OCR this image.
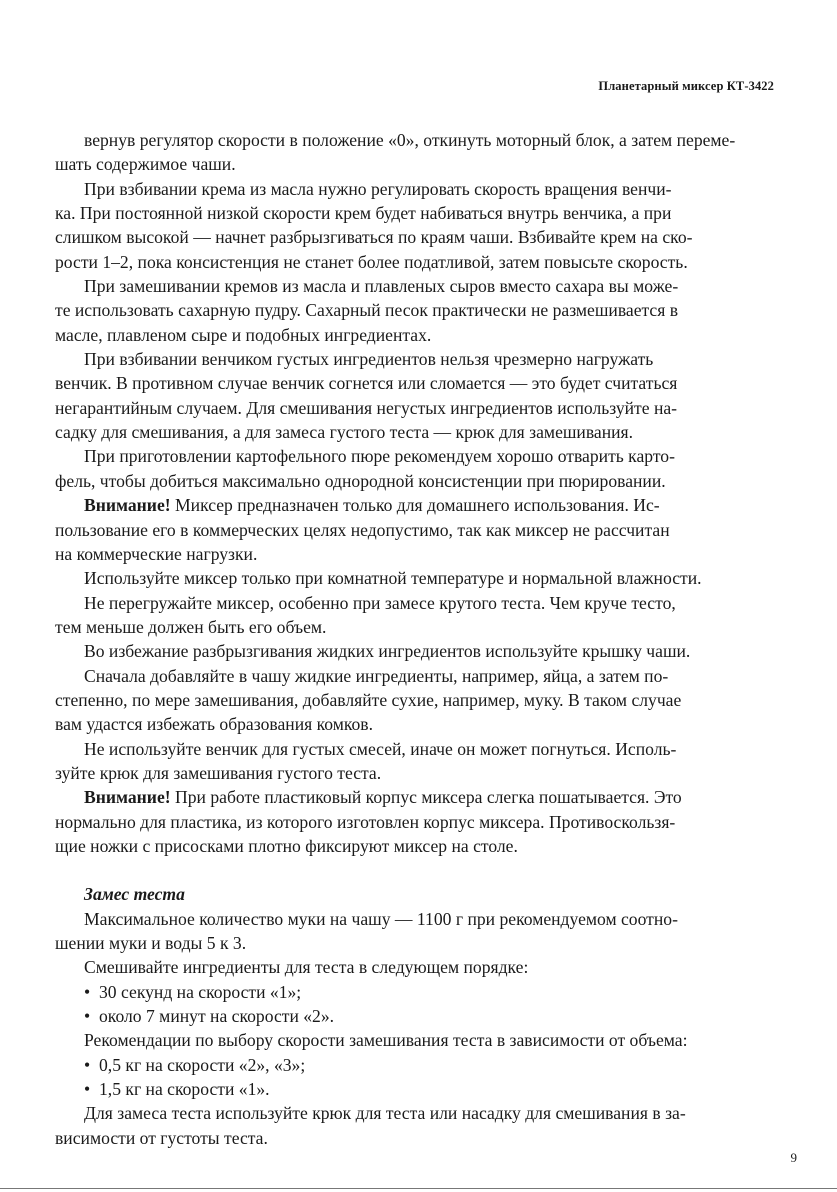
Планетарный миксер КТ-3422

вернув регулятор скорости в положение «0», откинуть моторный блок, а затем переме-
шать содержимое чаши.

При взбивании крема из масла нужно регулировать скорость вращения венчи-
ка. При постоянной низкой скорости крем будет набиваться внутрь венчика, а при
слишком высокой — начнет разбрызгиваться по краям чаши. Взбивайте крем на ско-
рости 1–2, пока консистенция не станет более податливой, затем повысьте скорость.

При замешивании кремов из масла и плавленых сыров вместо сахара вы може-
те использовать сахарную пудру. Сахарный песок практически не размешивается в
масле, плавленом сыре и подобных ингредиентах.

При взбивании венчиком густых ингредиентов нельзя чрезмерно нагружать
венчик. В противном случае венчик согнется или сломается — это будет считаться
негарантийным случаем. Для смешивания негустых ингредиентов используйте на-
садку для смешивания, а для замеса густого теста — крюк для замешивания.

При приготовлении картофельного пюре рекомендуем хорошо отварить карто-
фель, чтобы добиться максимально однородной консистенции при пюрировании.

Внимание! Миксер предназначен только для домашнего использования. Ис-
пользование его в коммерческих целях недопустимо, так как миксер не рассчитан
на коммерческие нагрузки.

Используйте миксер только при комнатной температуре и нормальной влажности.

Не перегружайте миксер, особенно при замесе крутого теста. Чем круче тесто,
тем меньше должен быть его объем.

Во избежание разбрызгивания жидких ингредиентов используйте крышку чаши.

Сначала добавляйте в чашу жидкие ингредиенты, например, яйца, а затем по-
степенно, по мере замешивания, добавляйте сухие, например, муку. В таком случае
вам удастся избежать образования комков.

Не используйте венчик для густых смесей, иначе он может погнуться. Исполь-
зуйте крюк для замешивания густого теста.

Внимание! При работе пластиковый корпус миксера слегка пошатывается. Это
нормально для пластика, из которого изготовлен корпус миксера. Противоскользя-
щие ножки с присосками плотно фиксируют миксер на столе.

Замес теста

Максимальное количество муки на чашу — 1100 г при рекомендуемом соотно-
шении муки и воды 5 к 3.

Смешивайте ингредиенты для теста в следующем порядке:

• 30 секунд на скорости «1»;
• около 7 минут на скорости «2».

Рекомендации по выбору скорости замешивания теста в зависимости от объема:

• 0,5 кг на скорости «2», «3»;
• 1,5 кг на скорости «1».

Для замеса теста используйте крюк для теста или насадку для смешивания в за-
висимости от густоты теста.

9
